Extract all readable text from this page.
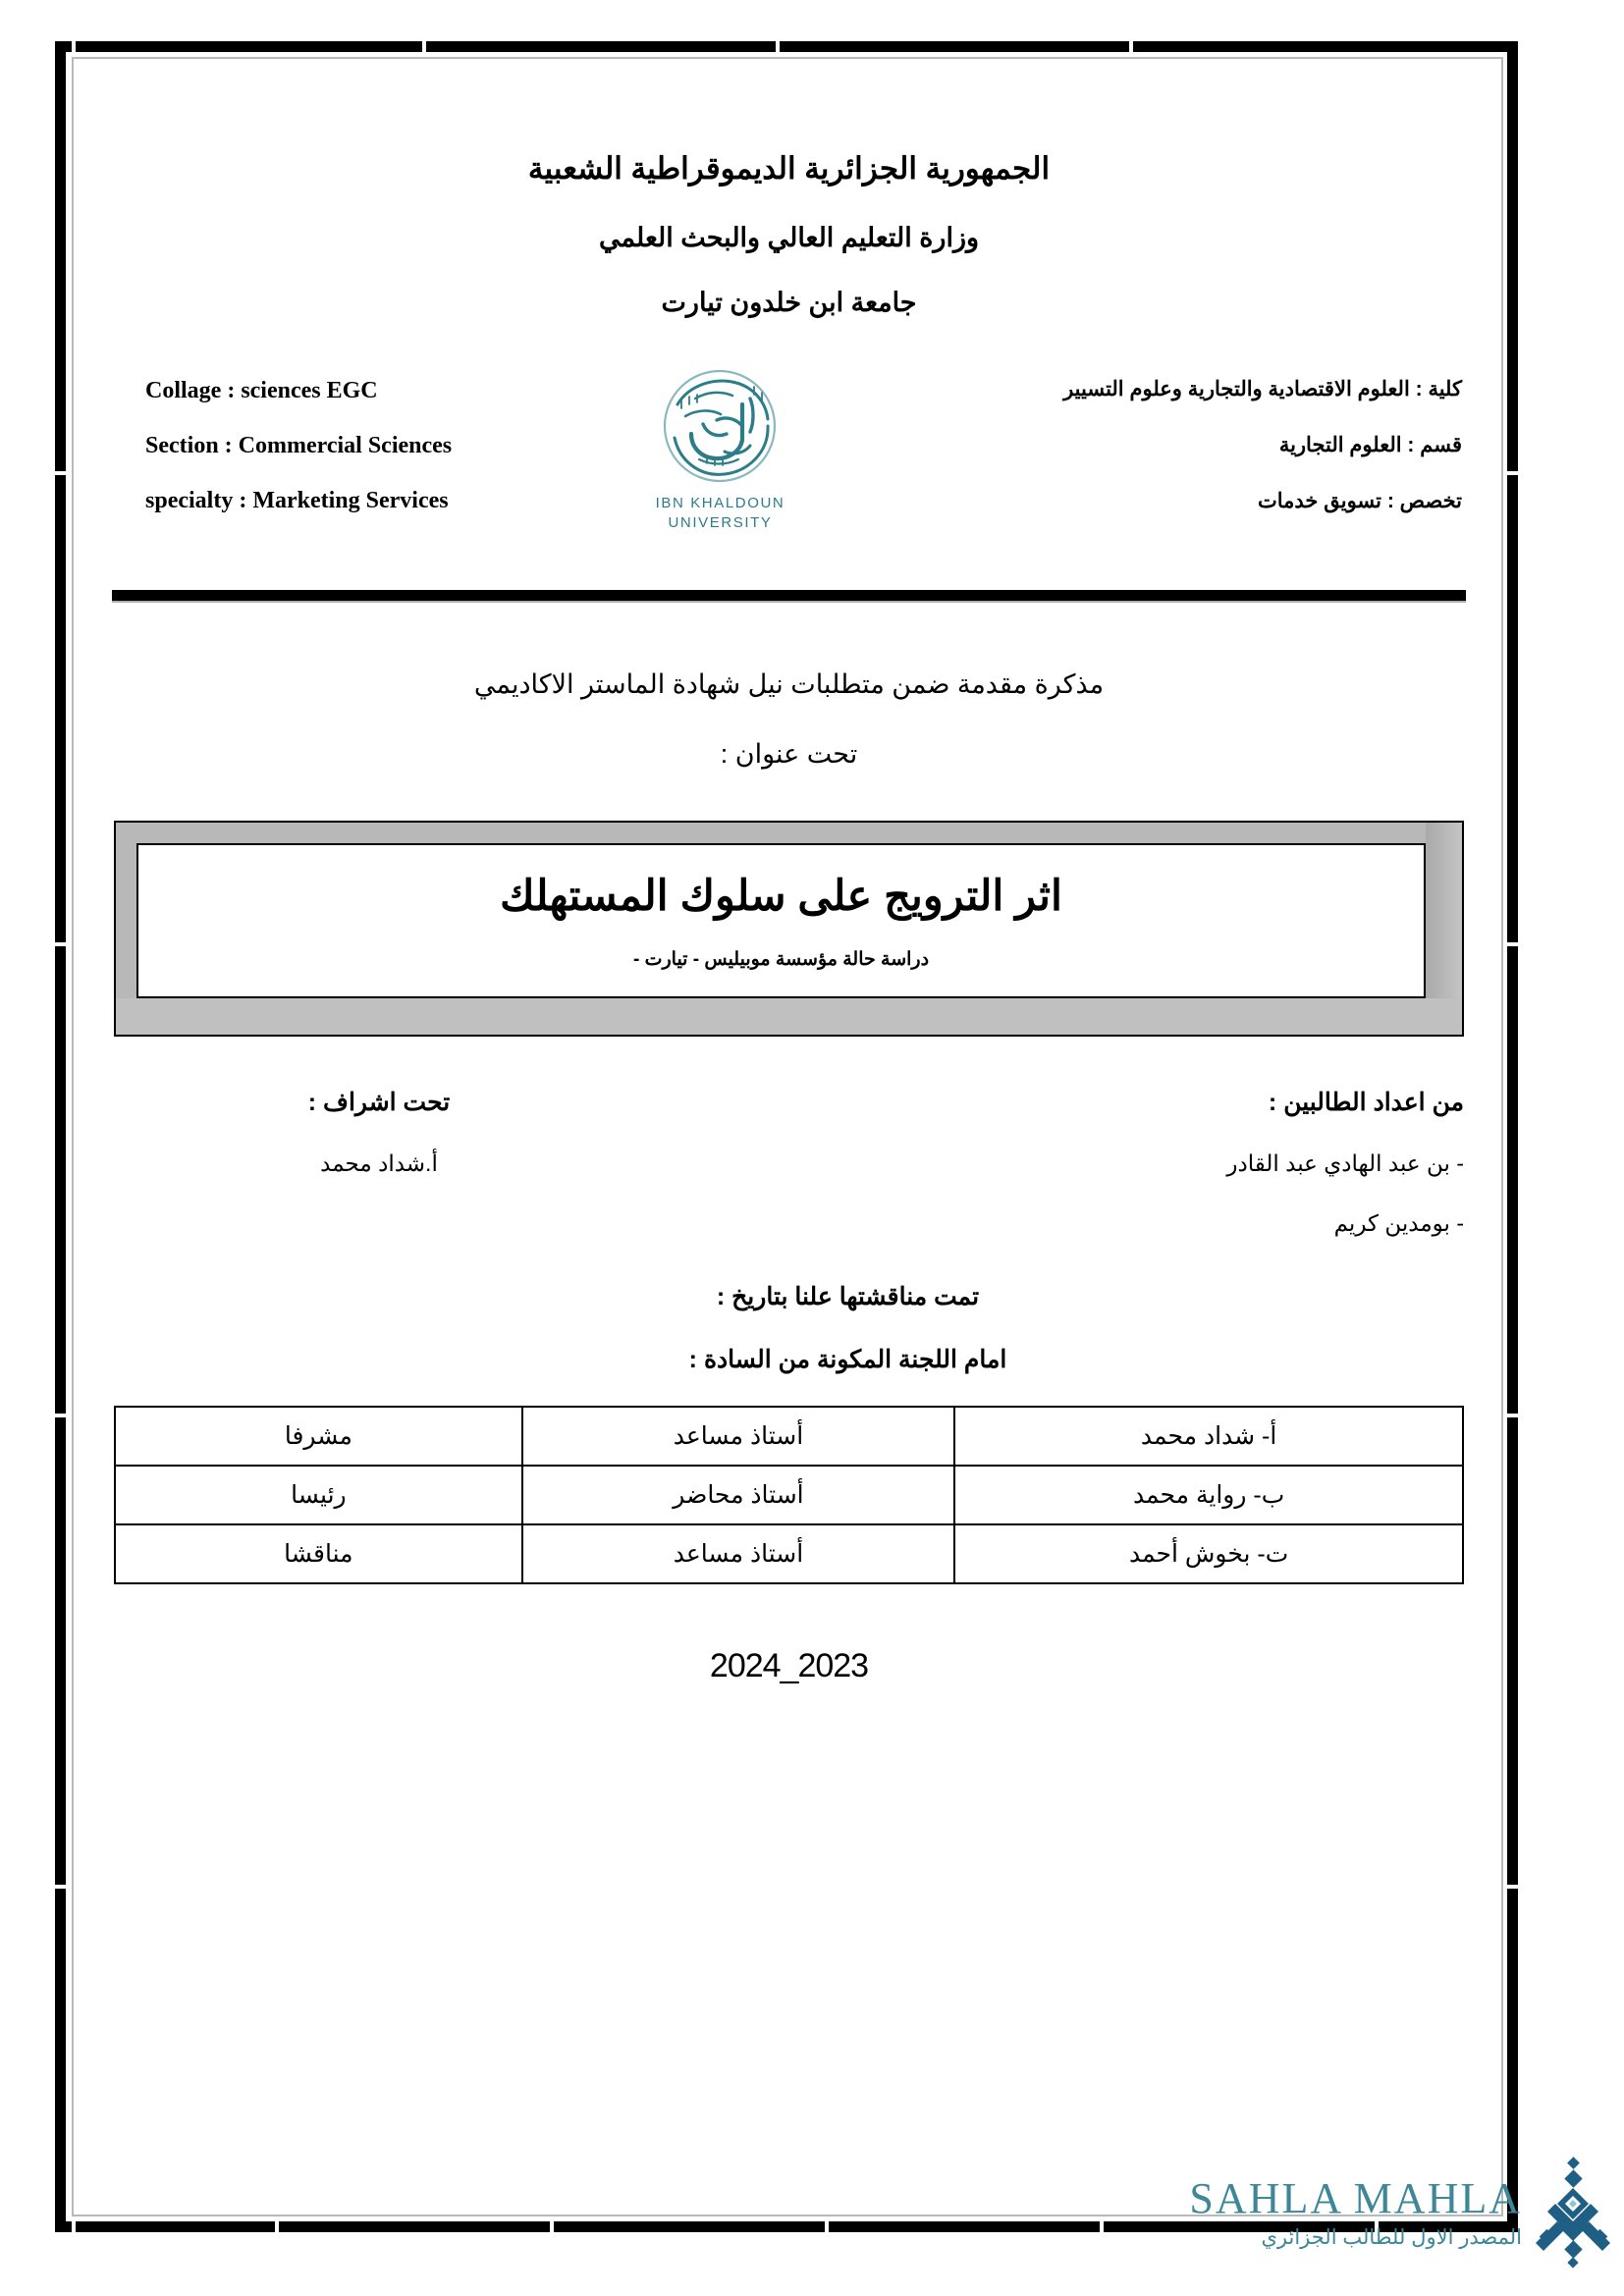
الجمهورية الجزائرية الديموقراطية الشعبية
وزارة التعليم العالي والبحث العلمي
جامعة ابن خلدون تيارت
Collage : sciences EGC
Section : Commercial Sciences
specialty : Marketing Services	IBN KHALDOUN
UNIVERSITY
كلية : العلوم الاقتصادية والتجارية وعلوم التسيير
قسم : العلوم التجارية
تخصص : تسويق خدمات
مذكرة مقدمة ضمن متطلبات نيل شهادة الماستر الاكاديمي
تحت عنوان :
اثر الترويج على سلوك المستهلك
دراسة حالة مؤسسة موبيليس - تيارت -
من اعداد الطالبين :
- بن عبد الهادي عبد القادر
- بومدين كريم
تحت اشراف :
أ.شداد محمد
تمت مناقشتها علنا بتاريخ :
امام اللجنة المكونة من السادة :
أ- شداد محمد	أستاذ مساعد	مشرفا
ب- رواية محمد	أستاذ محاضر	رئيسا
ت- بخوش أحمد	أستاذ مساعد	مناقشا
2024_2023
SAHLA MAHLA
المصدر الاول للطالب الجزائري
